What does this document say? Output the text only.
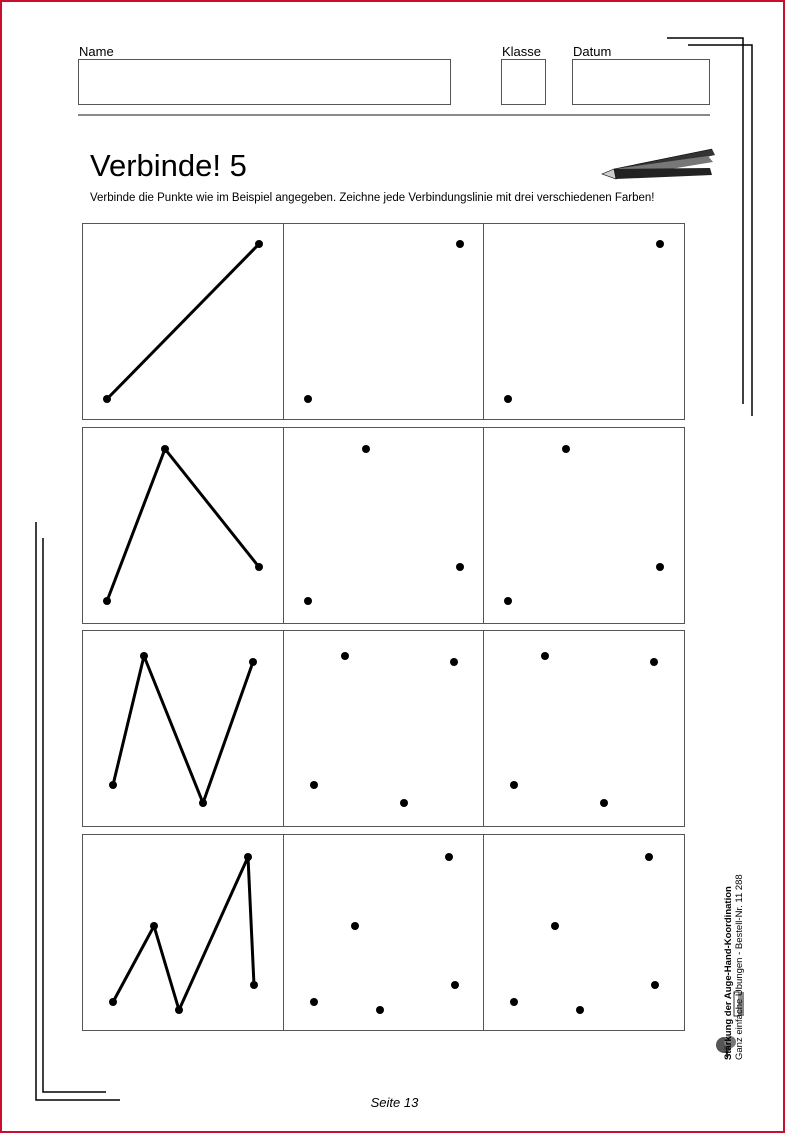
Name	Klasse Datum
Verbinde! 5

Verbinde die Punkte wie im Beispiel angegeben. Zeichne jede Verbindungslinie mit drei verschiedenen Farben!

Stärkung der Auge-Hand-Koordination Ganz einfache Übungen - Bestell-Nr. 11 288
Seite 13
